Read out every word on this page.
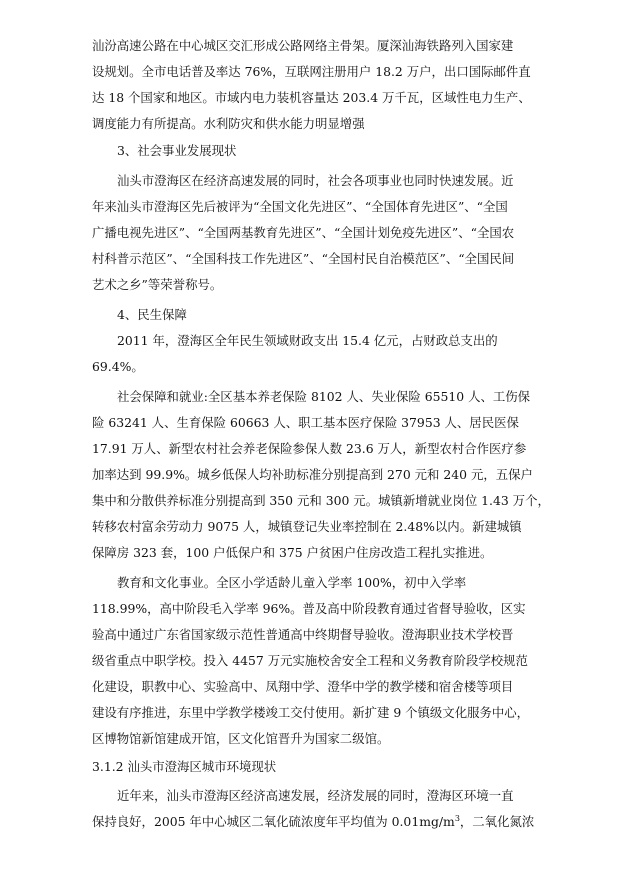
汕汾高速公路在中心城区交汇形成公路网络主骨架。厦深汕海铁路列入国家建

设规划。全市电话普及率达 76%，互联网注册用户 18.2 万户，出口国际邮件直

达 18 个国家和地区。市域内电力装机容量达 203.4 万千瓦，区域性电力生产、

调度能力有所提高。水利防灾和供水能力明显增强

3、社会事业发展现状

汕头市澄海区在经济高速发展的同时，社会各项事业也同时快速发展。近

年来汕头市澄海区先后被评为“全国文化先进区”、“全国体育先进区”、“全国

广播电视先进区”、“全国两基教育先进区”、“全国计划免疫先进区”、“全国农

村科普示范区”、“全国科技工作先进区”、“全国村民自治模范区”、“全国民间

艺术之乡”等荣誉称号。

4、民生保障

2011 年，澄海区全年民生领域财政支出 15.4 亿元，占财政总支出的

69.4%。

社会保障和就业:全区基本养老保险 8102 人、失业保险 65510 人、工伤保

险 63241 人、生育保险 60663 人、职工基本医疗保险 37953 人、居民医保

17.91 万人、新型农村社会养老保险参保人数 23.6 万人，新型农村合作医疗参

加率达到 99.9%。城乡低保人均补助标准分别提高到 270 元和 240 元，五保户

集中和分散供养标准分别提高到 350 元和 300 元。城镇新增就业岗位 1.43 万个，

转移农村富余劳动力 9075 人，城镇登记失业率控制在 2.48%以内。新建城镇

保障房 323 套，100 户低保户和 375 户贫困户住房改造工程扎实推进。

教育和文化事业。全区小学适龄儿童入学率 100%，初中入学率

118.99%，高中阶段毛入学率 96%。普及高中阶段教育通过省督导验收，区实

验高中通过广东省国家级示范性普通高中终期督导验收。澄海职业技术学校晋

级省重点中职学校。投入 4457 万元实施校舍安全工程和义务教育阶段学校规范

化建设，职教中心、实验高中、凤翔中学、澄华中学的教学楼和宿舍楼等项目

建设有序推进，东里中学教学楼竣工交付使用。新扩建 9 个镇级文化服务中心，

区博物馆新馆建成开馆，区文化馆晋升为国家二级馆。

3.1.2 汕头市澄海区城市环境现状

近年来，汕头市澄海区经济高速发展，经济发展的同时，澄海区环境一直

保持良好，2005 年中心城区二氧化硫浓度年平均值为 $0.01mg/m^3$，二氧化氮浓
